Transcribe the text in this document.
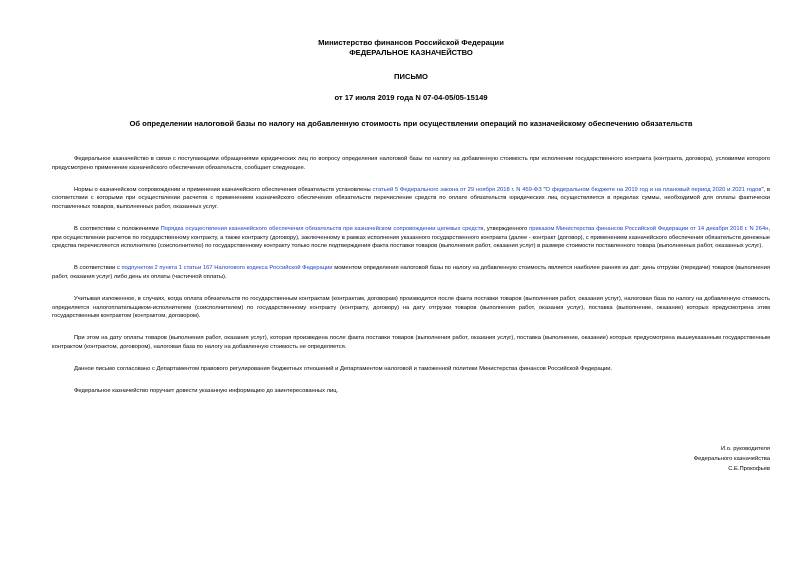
Министерство финансов Российской Федерации
ФЕДЕРАЛЬНОЕ КАЗНАЧЕЙСТВО
ПИСЬМО
от 17 июля 2019 года N 07-04-05/05-15149
Об определении налоговой базы по налогу на добавленную стоимость при осуществлении операций по казначейскому обеспечению обязательств

Федеральное казначейство в связи с поступающими обращениями юридических лиц по вопросу определения налоговой базы по налогу на добавленную стоимость при исполнении государственного контракта (контракта, договора), условиями которого предусмотрено применение казначейского обеспечения обязательств, сообщает следующее.

Нормы о казначейском сопровождении и применении казначейского обеспечения обязательств установлены статьей 5 Федерального закона от 29 ноября 2018 г. N 459-ФЗ "О федеральном бюджете на 2019 год и на плановый период 2020 и 2021 годов", в соответствии с которыми при осуществлении расчетов с применением казначейского обеспечения обязательств перечисление средств по оплате обязательств юридических лиц осуществляется в пределах суммы, необходимой для оплаты фактически поставленных товаров, выполненных работ, оказанных услуг.

В соответствии с положениями Порядка осуществления казначейского обеспечения обязательств при казначейском сопровождении целевых средств, утвержденного приказом Министерства финансов Российской Федерации от 14 декабря 2018 г. N 264н, при осуществлении расчетов по государственному контракту, а также контракту (договору), заключенному в рамках исполнения указанного государственного контракта (далее - контракт (договор), с применением казначейского обеспечения обязательств денежные средства перечисляются исполнителю (соисполнителю) по государственному контракту только после подтверждения факта поставки товаров (выполнения работ, оказания услуг) в размере стоимости поставленного товара (выполненных работ, оказанных услуг).

В соответствии с подпунктом 2 пункта 1 статьи 167 Налогового кодекса Российской Федерации моментом определения налоговой базы по налогу на добавленную стоимость является наиболее ранняя из дат: день отгрузки (передачи) товаров (выполнения работ, оказания услуг) либо день их оплаты (частичной оплаты).

Учитывая изложенное, в случаях, когда оплата обязательств по государственным контрактам (контрактам, договорам) производится после факта поставки товаров (выполнения работ, оказания услуг), налоговая база по налогу на добавленную стоимость определяется налогоплательщиком-исполнителем (соисполнителем) по государственному контракту (контракту, договору) на дату отгрузки товаров (выполнения работ, оказания услуг), поставка (выполнение, оказание) которых предусмотрена этим государственным контрактом (контрактом, договором).

При этом на дату оплаты товаров (выполнения работ, оказания услуг), которая произведена после факта поставки товаров (выполнения работ, оказания услуг), поставка (выполнение, оказание) которых предусмотрена вышеуказанным государственным контрактом (контрактом, договором), налоговая база по налогу на добавленную стоимость не определяется.

Данное письмо согласовано с Департаментом правового регулирования бюджетных отношений и Департаментом налоговой и таможенной политики Министерства финансов Российской Федерации.

Федеральное казначейство поручает довести указанную информацию до заинтересованных лиц.

И.о. руководителя
Федерального казначейства
С.Е.Прокофьев
